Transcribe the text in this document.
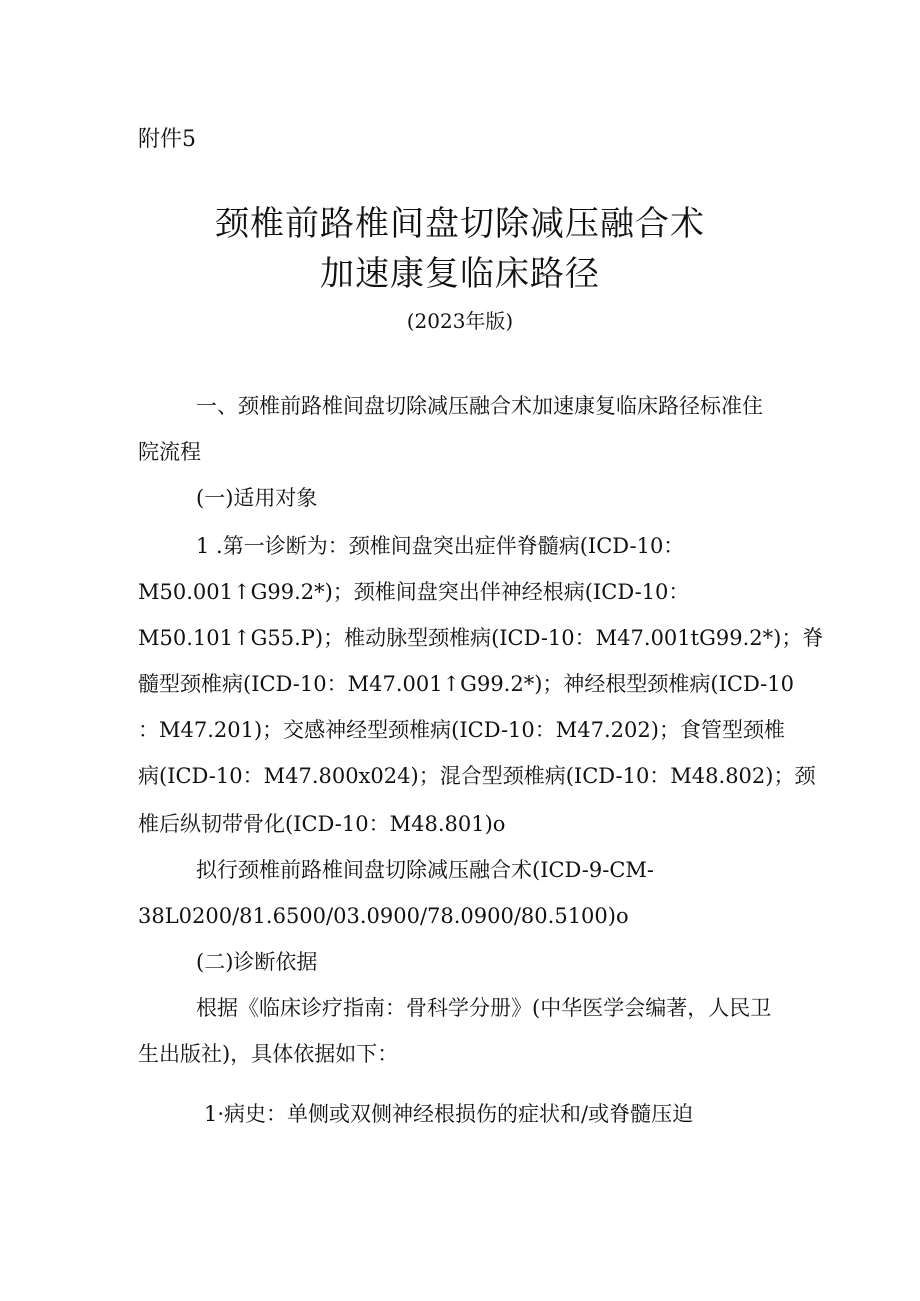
附件5
颈椎前路椎间盘切除减压融合术
加速康复临床路径
(2023年版)

一、颈椎前路椎间盘切除减压融合术加速康复临床路径标准住

院流程

(一)适用对象

1 .第一诊断为：颈椎间盘突出症伴脊髓病(ICD-10：

M50.001↑G99.2*)；颈椎间盘突出伴神经根病(ICD-10：

M50.101↑G55.P)；椎动脉型颈椎病(ICD-10：M47.001tG99.2*)；脊

髓型颈椎病(ICD-10：M47.001↑G99.2*)；神经根型颈椎病(ICD-10

：M47.201)；交感神经型颈椎病(ICD-10：M47.202)；食管型颈椎

病(ICD-10：M47.800x024)；混合型颈椎病(ICD-10：M48.802)；颈

椎后纵韧带骨化(ICD-10：M48.801)o

拟行颈椎前路椎间盘切除减压融合术(ICD-9-CM-

38L0200/81.6500/03.0900/78.0900/80.5100)o

(二)诊断依据

根据《临床诊疗指南：骨科学分册》(中华医学会编著，人民卫

生出版社)，具体依据如下：

1·病史：单侧或双侧神经根损伤的症状和/或脊髓压迫
